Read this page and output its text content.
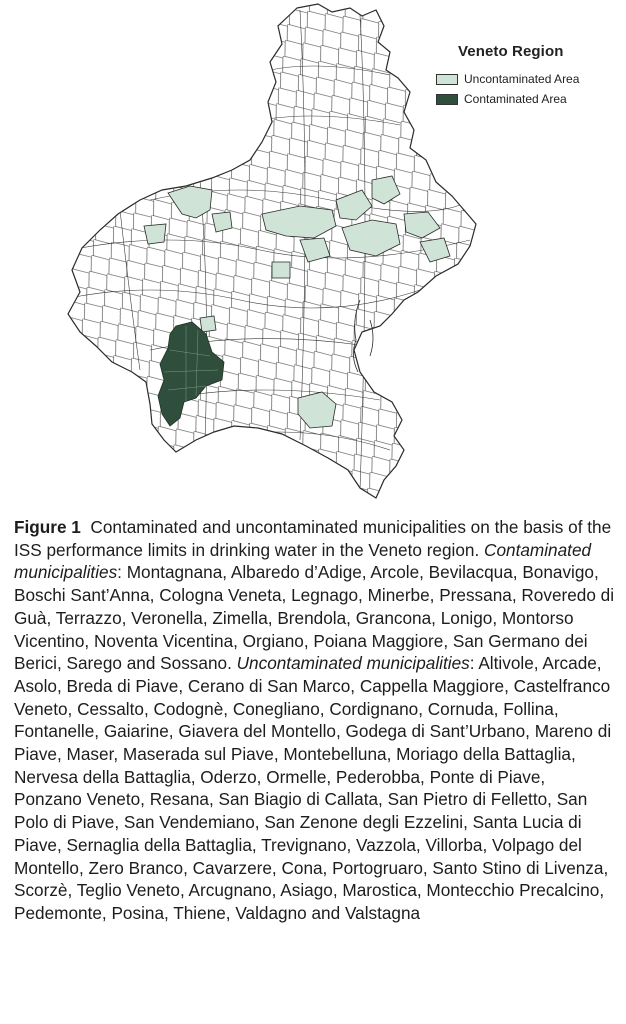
Veneto Region
Uncontaminated Area
Contaminated Area
Figure 1 Contaminated and uncontaminated municipalities on the basis of the ISS performance limits in drinking water in the Veneto region. Contaminated municipalities: Montagnana, Albaredo d’Adige, Arcole, Bevilacqua, Bonavigo, Boschi Sant’Anna, Cologna Veneta, Legnago, Minerbe, Pressana, Roveredo di Guà, Terrazzo, Veronella, Zimella, Brendola, Grancona, Lonigo, Montorso Vicentino, Noventa Vicentina, Orgiano, Poiana Maggiore, San Germano dei Berici, Sarego and Sossano. Uncontaminated municipalities: Altivole, Arcade, Asolo, Breda di Piave, Cerano di San Marco, Cappella Maggiore, Castelfranco Veneto, Cessalto, Codognè, Conegliano, Cordignano, Cornuda, Follina, Fontanelle, Gaiarine, Giavera del Montello, Godega di Sant’Urbano, Mareno di Piave, Maser, Maserada sul Piave, Montebelluna, Moriago della Battaglia, Nervesa della Battaglia, Oderzo, Ormelle, Pederobba, Ponte di Piave, Ponzano Veneto, Resana, San Biagio di Callata, San Pietro di Felletto, San Polo di Piave, San Vendemiano, San Zenone degli Ezzelini, Santa Lucia di Piave, Sernaglia della Battaglia, Trevignano, Vazzola, Villorba, Volpago del Montello, Zero Branco, Cavarzere, Cona, Portogruaro, Santo Stino di Livenza, Scorzè, Teglio Veneto, Arcugnano, Asiago, Marostica, Montecchio Precalcino, Pedemonte, Posina, Thiene, Valdagno and Valstagna
